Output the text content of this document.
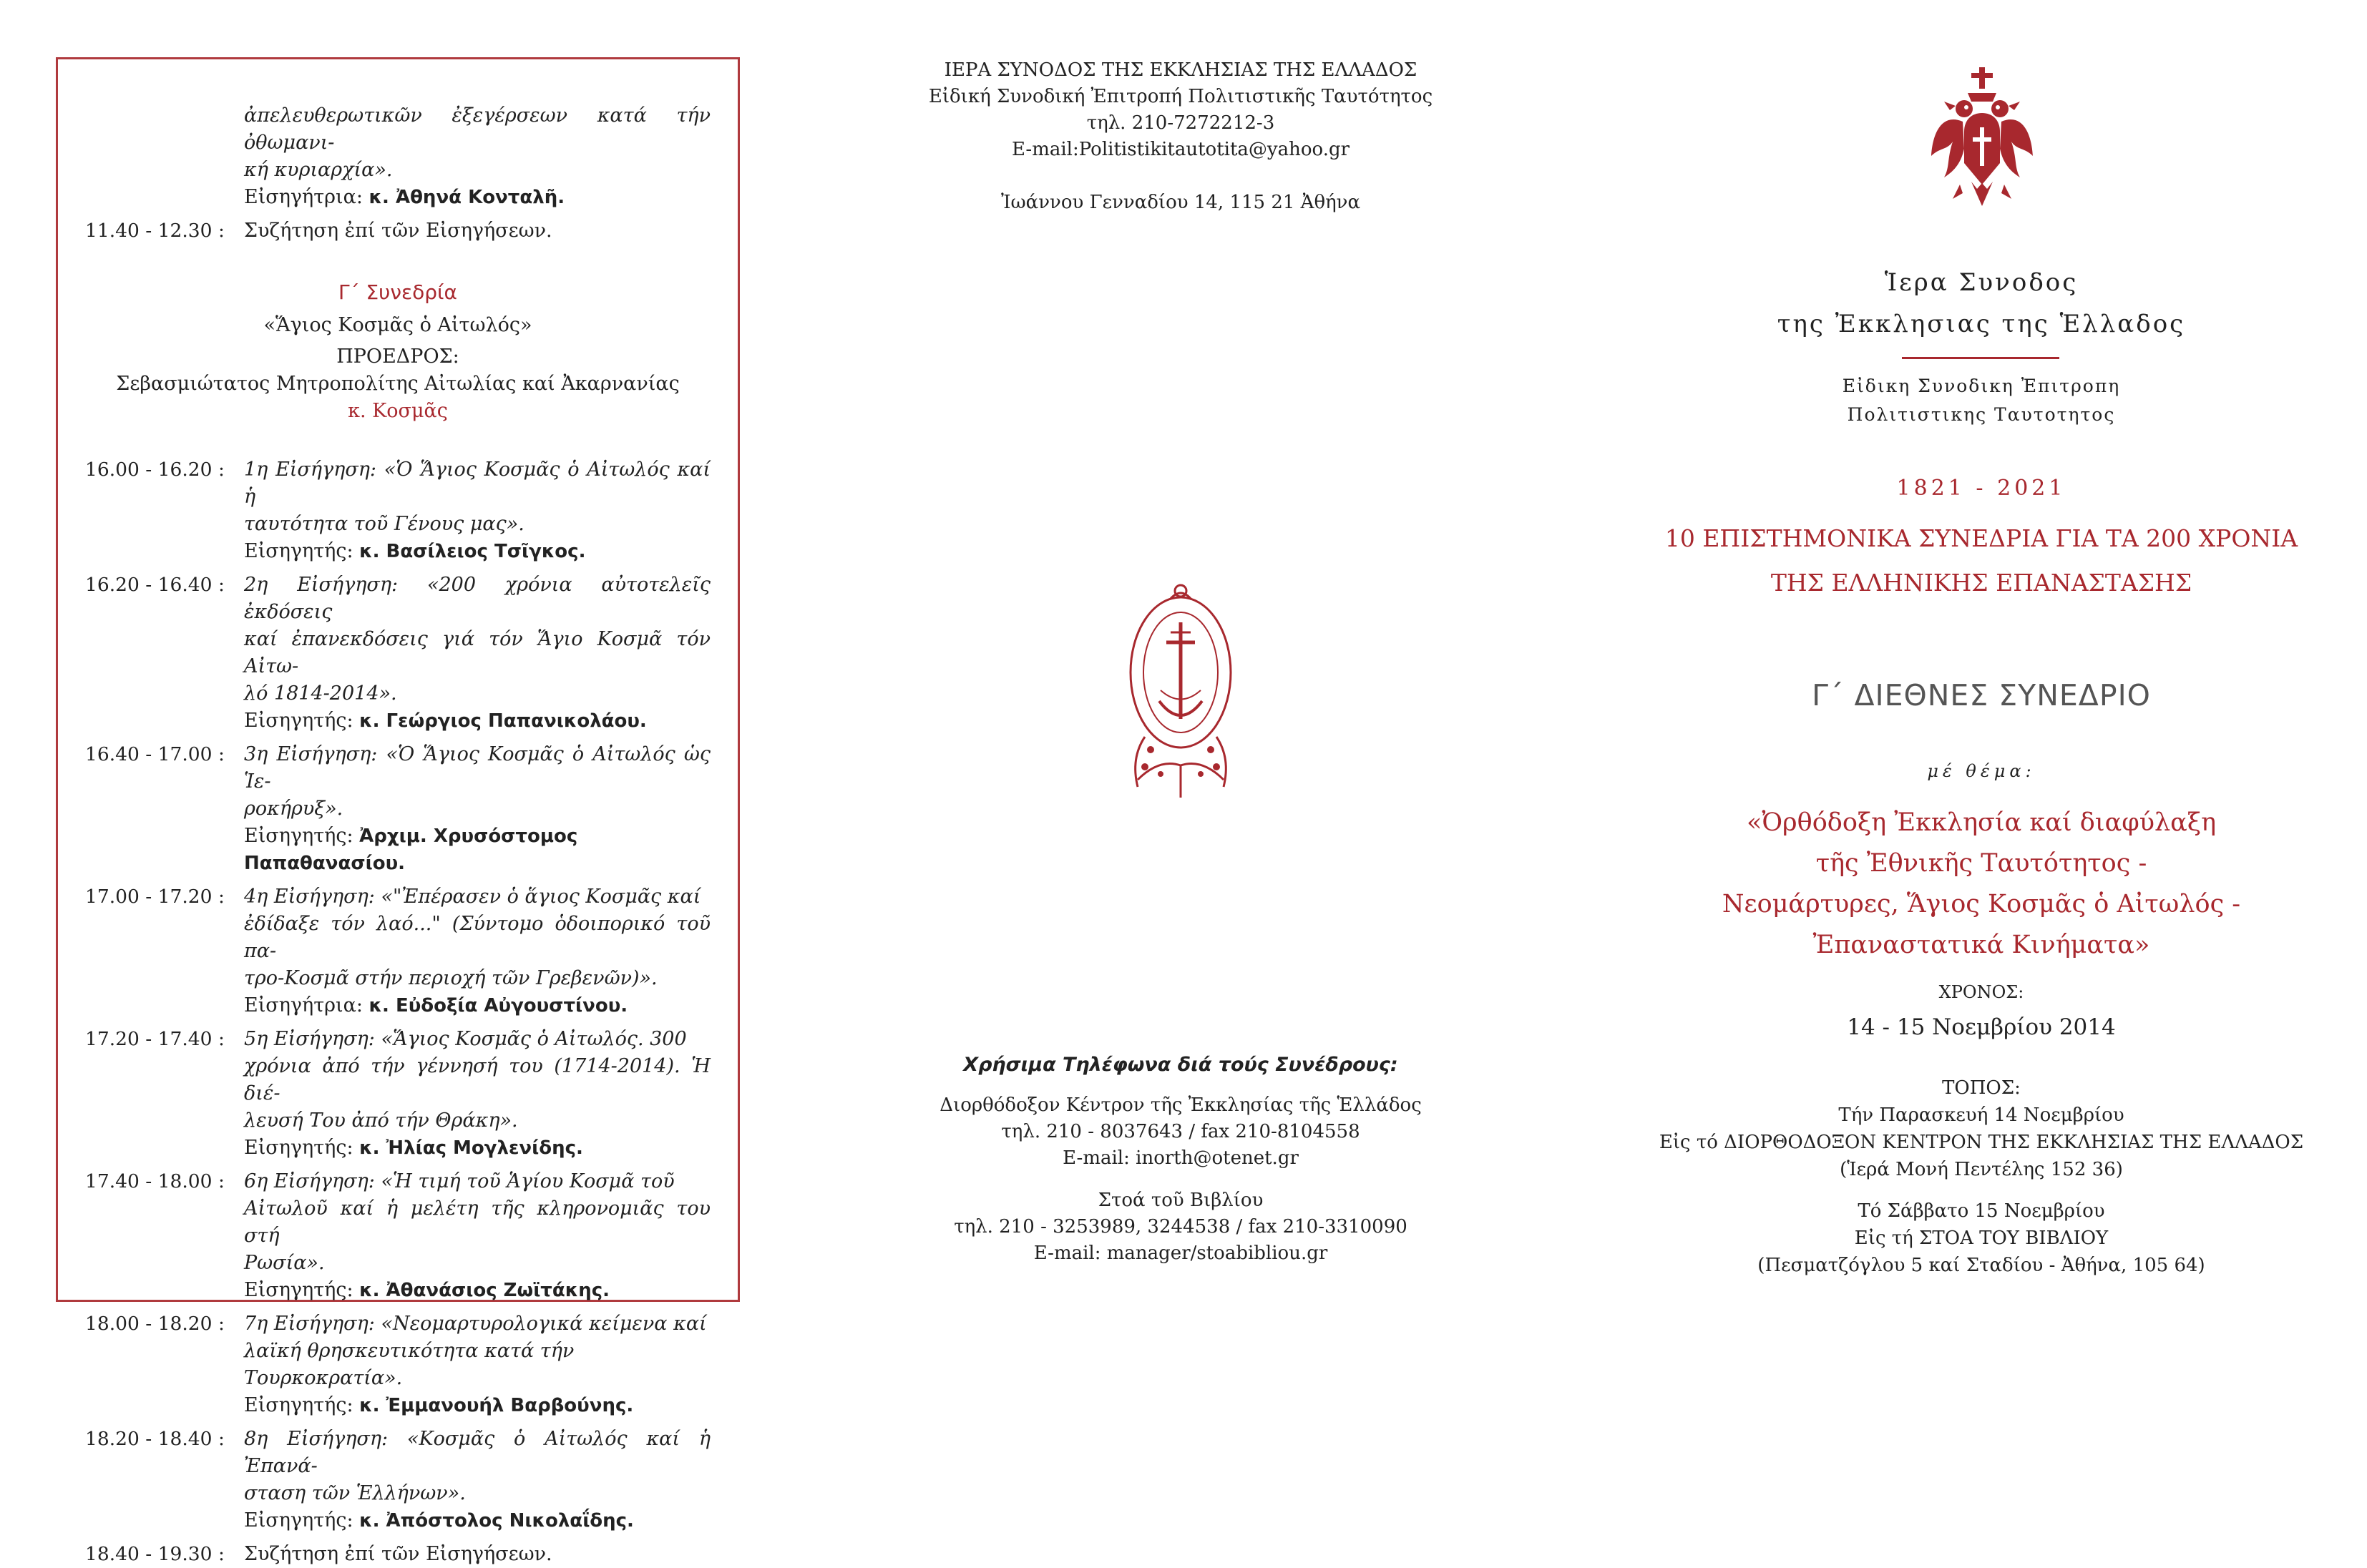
ἀπελευθερωτικῶν ἐξεγέρσεων κατά τήν ὀθωμανι-
κή κυριαρχία».
Εἰσηγήτρια: κ. Ἀθηνά Κονταλῆ.
11.40 - 12.30 :	Συζήτηση ἐπί τῶν Εἰσηγήσεων.
Γ΄ Συνεδρία
«Ἅγιος Κοσμᾶς ὁ Αἰτωλός»
ΠΡΟΕΔΡΟΣ:
Σεβασμιώτατος Μητροπολίτης Αἰτωλίας καί Ἀκαρνανίας
κ. Κοσμᾶς
16.00 - 16.20 :	1η Εἰσήγηση: «Ὁ Ἅγιος Κοσμᾶς ὁ Αἰτωλός καί ἡ
ταυτότητα τοῦ Γένους μας».
Εἰσηγητής: κ. Βασίλειος Τσῖγκος.
16.20 - 16.40 :	2η Εἰσήγηση: «200 χρόνια αὐτοτελεῖς ἐκδόσεις
καί ἐπανεκδόσεις γιά τόν Ἅγιο Κοσμᾶ τόν Αἰτω-
λό 1814-2014».
Εἰσηγητής: κ. Γεώργιος Παπανικολάου.
16.40 - 17.00 :	3η Εἰσήγηση: «Ὁ Ἅγιος Κοσμᾶς ὁ Αἰτωλός ὡς Ἱε-
ροκήρυξ».
Εἰσηγητής: Ἀρχιμ. Χρυσόστομος Παπαθανασίου.
17.00 - 17.20 :	4η Εἰσήγηση: «"Ἐπέρασεν ὁ ἅγιος Κοσμᾶς καί
ἐδίδαξε τόν λαό..." (Σύντομο ὁδοιπορικό τοῦ πα-
τρο-Κοσμᾶ στήν περιοχή τῶν Γρεβενῶν)».
Εἰσηγήτρια: κ. Εὐδοξία Αὐγουστίνου.
17.20 - 17.40 :	5η Εἰσήγηση: «Ἅγιος Κοσμᾶς ὁ Αἰτωλός. 300
χρόνια ἀπό τήν γέννησή του (1714-2014). Ἡ διέ-
λευσή Του ἀπό τήν Θράκη».
Εἰσηγητής: κ. Ἠλίας Μογλενίδης.
17.40 - 18.00 :	6η Εἰσήγηση: «Ἡ τιμή τοῦ Ἁγίου Κοσμᾶ τοῦ
Αἰτωλοῦ καί ἡ μελέτη τῆς κληρονομιᾶς του στή
Ρωσία».
Εἰσηγητής: κ. Ἀθανάσιος Ζωϊτάκης.
18.00 - 18.20 :	7η Εἰσήγηση: «Νεομαρτυρολογικά κείμενα καί
λαϊκή θρησκευτικότητα κατά τήν Τουρκοκρατία».
Εἰσηγητής: κ. Ἐμμανουήλ Βαρβούνης.
18.20 - 18.40 :	8η Εἰσήγηση: «Κοσμᾶς ὁ Αἰτωλός καί ἡ Ἐπανά-
σταση τῶν Ἑλλήνων».
Εἰσηγητής: κ. Ἀπόστολος Νικολαΐδης.
18.40 - 19.30 :	Συζήτηση ἐπί τῶν Εἰσηγήσεων.
ΙΕΡΑ ΣΥΝΟΔΟΣ ΤΗΣ ΕΚΚΛΗΣΙΑΣ ΤΗΣ ΕΛΛΑΔΟΣ
Εἰδική Συνοδική Ἐπιτροπή Πολιτιστικῆς Ταυτότητος
τηλ. 210-7272212-3
E-mail:Politistikitautotita@yahoo.gr
Ἰωάννου Γενναδίου 14, 115 21 Ἀθήνα
Χρήσιμα Τηλέφωνα διά τούς Συνέδρους:
Διορθόδοξον Κέντρον τῆς Ἐκκλησίας τῆς Ἑλλάδος
τηλ. 210 - 8037643 / fax 210-8104558
E-mail: inorth@otenet.gr
Στοά τοῦ Βιβλίου
τηλ. 210 - 3253989, 3244538 / fax 210-3310090
E-mail: manager/stoabibliou.gr
Ἱερα Συνοδος
της Ἐκκλησιας της Ἑλλαδος
Εἰδικη Συνοδικη Ἐπιτροπη
Πολιτιστικης Ταυτοτητος
1821 - 2021
10 ΕΠΙΣΤΗΜΟΝΙΚΑ ΣΥΝΕΔΡΙΑ ΓΙΑ ΤΑ 200 ΧΡΟΝΙΑ
ΤΗΣ ΕΛΛΗΝΙΚΗΣ ΕΠΑΝΑΣΤΑΣΗΣ
Γ΄ ΔΙΕΘΝΕΣ ΣΥΝΕΔΡΙΟ
μέ θέμα:
«Ὀρθόδοξη Ἐκκλησία καί διαφύλαξη
τῆς Ἐθνικῆς Ταυτότητος -
Νεομάρτυρες, Ἅγιος Κοσμᾶς ὁ Αἰτωλός -
Ἐπαναστατικά Κινήματα»
ΧΡΟΝΟΣ:
14 - 15 Νοεμβρίου 2014
ΤΟΠΟΣ:
Τήν Παρασκευή 14 Νοεμβρίου
Εἰς τό ΔΙΟΡΘΟΔΟΞΟΝ ΚΕΝΤΡΟΝ ΤΗΣ ΕΚΚΛΗΣΙΑΣ ΤΗΣ ΕΛΛΑΔΟΣ
(Ἱερά Μονή Πεντέλης 152 36)
Τό Σάββατο 15 Νοεμβρίου
Εἰς τή ΣΤΟΑ ΤΟΥ ΒΙΒΛΙΟΥ
(Πεσματζόγλου 5 καί Σταδίου - Ἀθήνα, 105 64)
